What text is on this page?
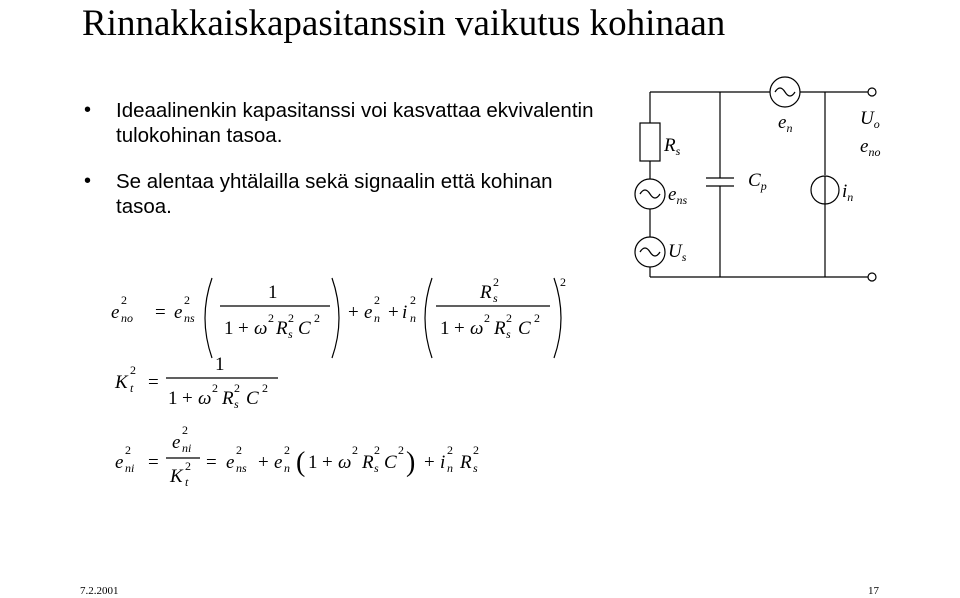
Rinnakkaiskapasitanssin vaikutus kohinaan
• Ideaalinenkin kapasitanssi voi kasvattaa ekvivalentin tulokohinan tasoa.
• Se alentaa yhtälailla sekä signaalin että kohinan tasoa.
$R_s$
$e_{ns}$
$U_s$
$e_n$
$C_p$	$i_n$
$U_o$
$e_{no}$
e
2
no = e
2
ns
1
1 + ω 2 R 2
s C 2 + e
2
n + i
2
n
R 2
s
1 + ω 2 R 2
s C 2
2
K
2
t =
1
1 + ω 2 R 2
s C 2
e
2
ni =
e
2
ni
K 2
t
= e
2
ns + e
2
n ( 1 + ω
2
R
2
s C
2 ) + i
2
n R
2
s
7.2.2001	17
